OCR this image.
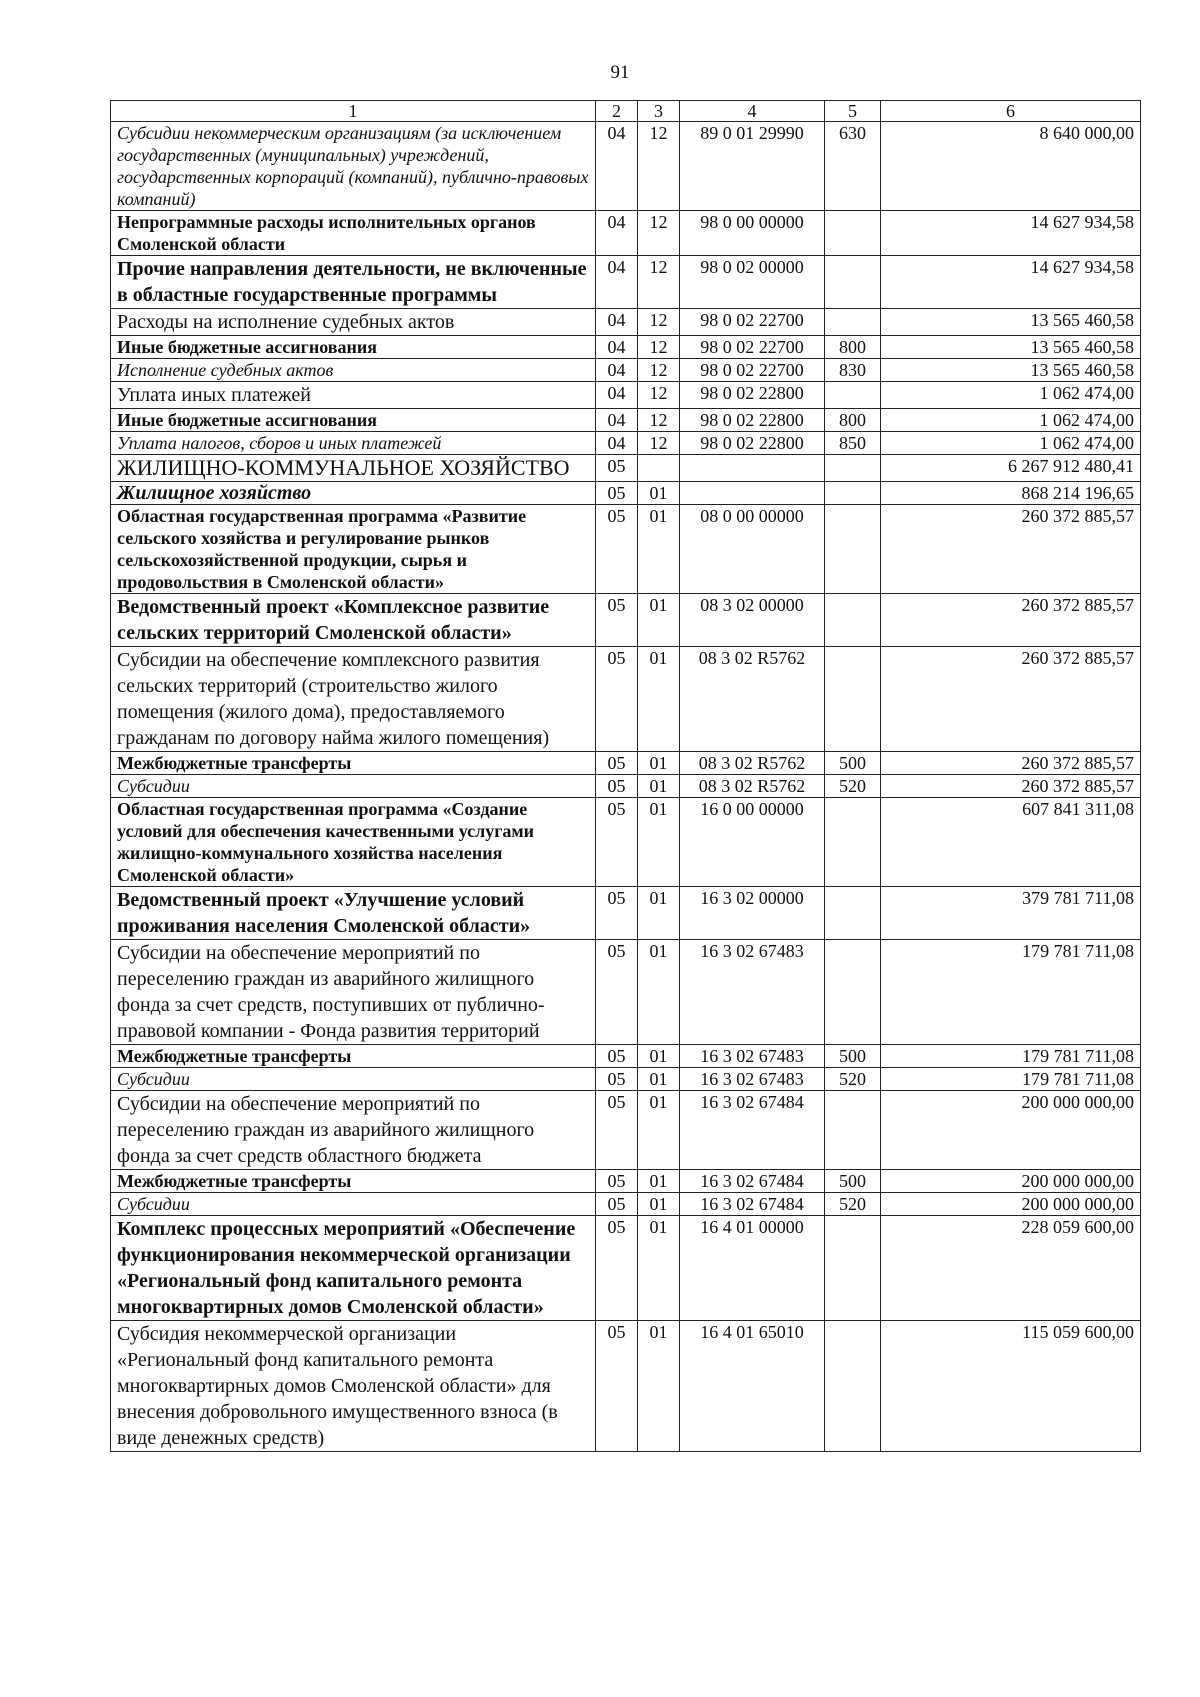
91
1	2	3	4	5	6
Субсидии некоммерческим организациям (за исключением государственных (муниципальных) учреждений, государственных корпораций (компаний), публично-правовых компаний)	04	12	89 0 01 29990	630	8 640 000,00
Непрограммные расходы исполнительных органов Смоленской области	04	12	98 0 00 00000		14 627 934,58
Прочие направления деятельности, не включенные в областные государственные программы	04	12	98 0 02 00000		14 627 934,58
Расходы на исполнение судебных актов	04	12	98 0 02 22700		13 565 460,58
Иные бюджетные ассигнования	04	12	98 0 02 22700	800	13 565 460,58
Исполнение судебных актов	04	12	98 0 02 22700	830	13 565 460,58
Уплата иных платежей	04	12	98 0 02 22800		1 062 474,00
Иные бюджетные ассигнования	04	12	98 0 02 22800	800	1 062 474,00
Уплата налогов, сборов и иных платежей	04	12	98 0 02 22800	850	1 062 474,00
ЖИЛИЩНО-КОММУНАЛЬНОЕ ХОЗЯЙСТВО	05				6 267 912 480,41
Жилищное хозяйство	05	01			868 214 196,65
Областная государственная программа «Развитие сельского хозяйства и регулирование рынков сельскохозяйственной продукции, сырья и продовольствия в Смоленской области»	05	01	08 0 00 00000		260 372 885,57
Ведомственный проект «Комплексное развитие сельских территорий Смоленской области»	05	01	08 3 02 00000		260 372 885,57
Субсидии на обеспечение комплексного развития сельских территорий (строительство жилого помещения (жилого дома), предоставляемого гражданам по договору найма жилого помещения)	05	01	08 3 02 R5762		260 372 885,57
Межбюджетные трансферты	05	01	08 3 02 R5762	500	260 372 885,57
Субсидии	05	01	08 3 02 R5762	520	260 372 885,57
Областная государственная программа «Создание условий для обеспечения качественными услугами жилищно-коммунального хозяйства населения Смоленской области»	05	01	16 0 00 00000		607 841 311,08
Ведомственный проект «Улучшение условий проживания населения Смоленской области»	05	01	16 3 02 00000		379 781 711,08
Субсидии на обеспечение мероприятий по переселению граждан из аварийного жилищного фонда за счет средств, поступивших от публично-правовой компании - Фонда развития территорий	05	01	16 3 02 67483		179 781 711,08
Межбюджетные трансферты	05	01	16 3 02 67483	500	179 781 711,08
Субсидии	05	01	16 3 02 67483	520	179 781 711,08
Субсидии на обеспечение мероприятий по переселению граждан из аварийного жилищного фонда за счет средств областного бюджета	05	01	16 3 02 67484		200 000 000,00
Межбюджетные трансферты	05	01	16 3 02 67484	500	200 000 000,00
Субсидии	05	01	16 3 02 67484	520	200 000 000,00
Комплекс процессных мероприятий «Обеспечение функционирования некоммерческой организации «Региональный фонд капитального ремонта многоквартирных домов Смоленской области»	05	01	16 4 01 00000		228 059 600,00
Субсидия некоммерческой организации «Региональный фонд капитального ремонта многоквартирных домов Смоленской области» для внесения добровольного имущественного взноса (в виде денежных средств)	05	01	16 4 01 65010		115 059 600,00
